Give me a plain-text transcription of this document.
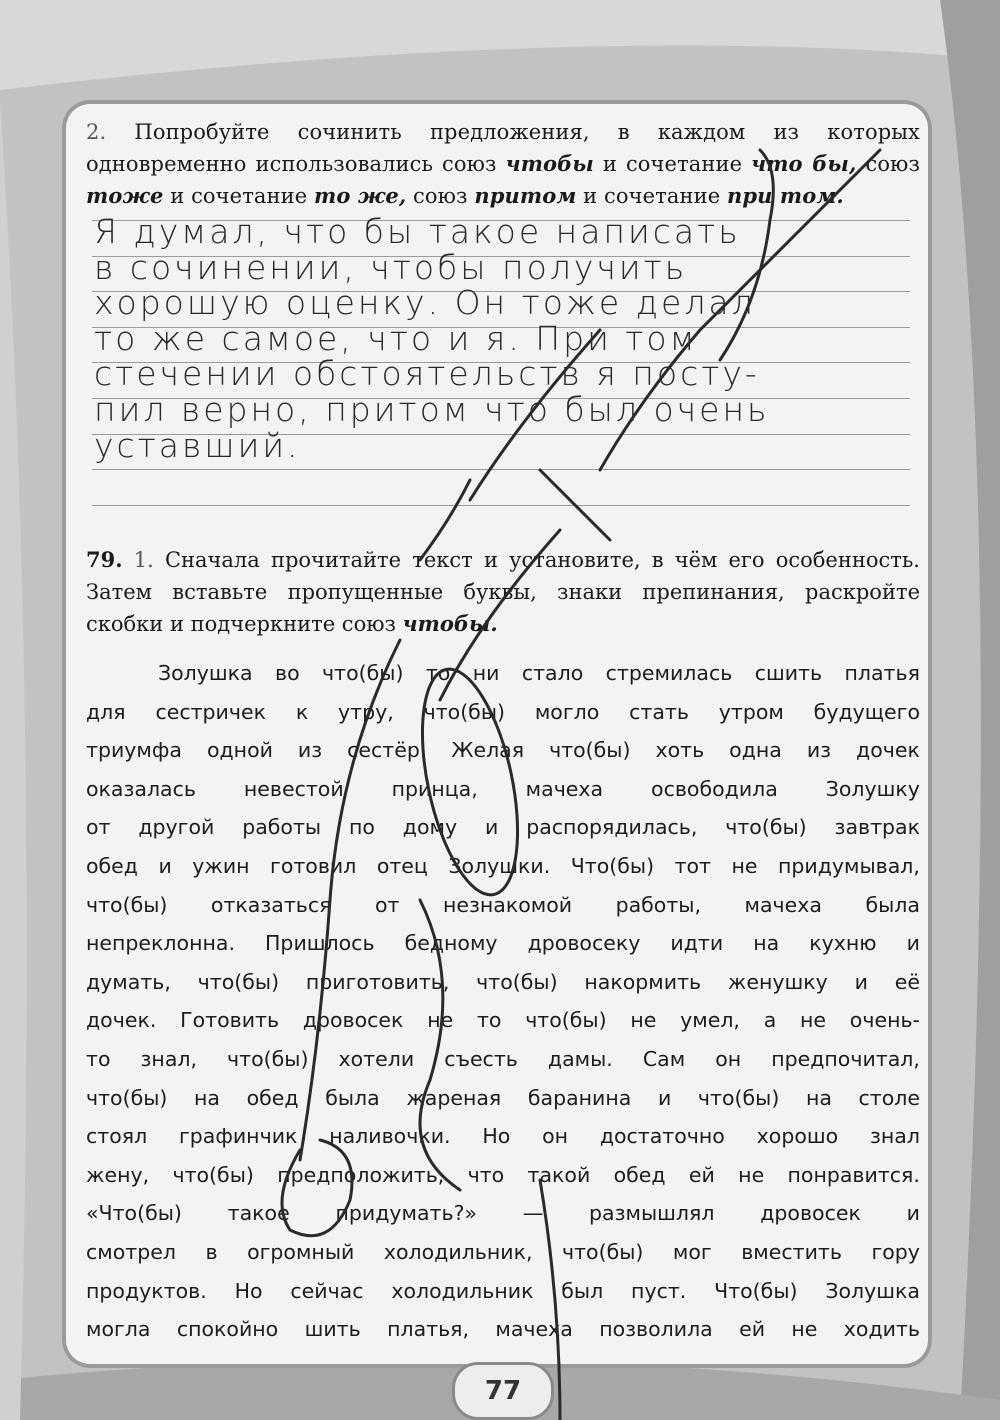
2. Попробуйте сочинить предложения, в каждом из которых одновременно использовались союз чтобы и сочетание что бы, союз тоже и сочетание то же, союз притом и сочетание при том.
Я думал, что бы такое написать
в сочинении, чтобы получить
хорошую оценку. Он тоже делал
то же самое, что и я. При том
стечении обстоятельств я посту-
пил верно, притом что был очень
уставший.
79. 1. Сначала прочитайте текст и установите, в чём его особенность. Затем вставьте пропущенные буквы, знаки препинания, раскройте скобки и подчеркните союз чтобы.
Золушка во что(бы) то ни стало стремилась сшить платья
для сестричек к утру, что(бы) могло стать утром будущего
триумфа одной из сестёр. Желая что(бы) хоть одна из дочек
оказалась невестой принца, мачеха освободила Золушку
от другой работы по дому и распорядилась, что(бы) завтрак
обед и ужин готовил отец Золушки. Что(бы) тот не придумывал,
что(бы) отказаться от незнакомой работы, мачеха была
непреклонна. Пришлось бедному дровосеку идти на кухню и
думать, что(бы) приготовить, что(бы) накормить женушку и её
дочек. Готовить дровосек не то что(бы) не умел, а не очень-
то знал, что(бы) хотели съесть дамы. Сам он предпочитал,
что(бы) на обед была жареная баранина и что(бы) на столе
стоял графинчик наливочки. Но он достаточно хорошо знал
жену, что(бы) предположить, что такой обед ей не понравится.
«Что(бы) такое придумать?» — размышлял дровосек и
смотрел в огромный холодильник, что(бы) мог вместить гору
продуктов. Но сейчас холодильник был пуст. Что(бы) Золушка
могла спокойно шить платья, мачеха позволила ей не ходить
77
